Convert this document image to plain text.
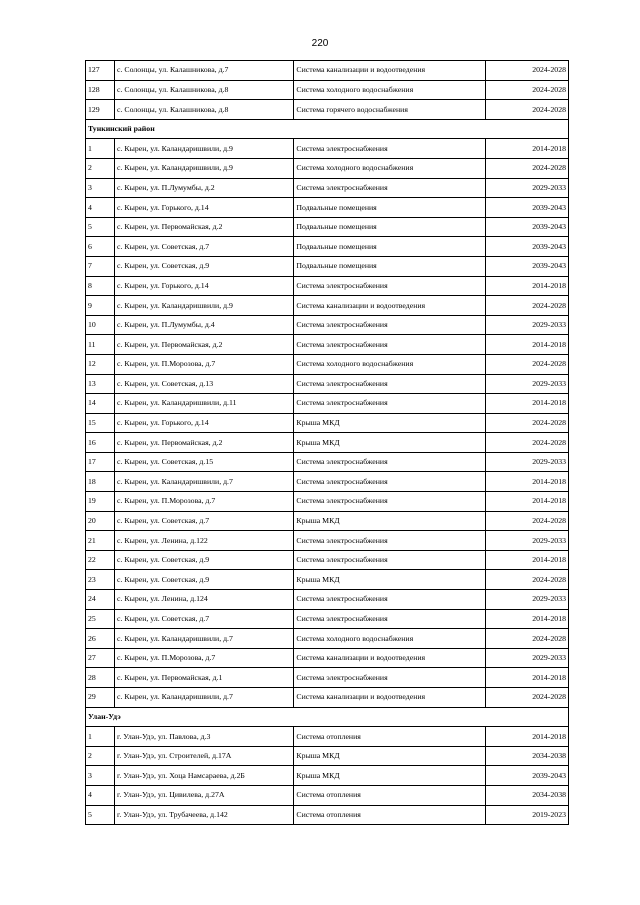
220
127	с. Солонцы, ул. Калашникова, д.7	Система канализации и водоотведения	2024-2028
128	с. Солонцы, ул. Калашникова, д.8	Система холодного водоснабжения	2024-2028
129	с. Солонцы, ул. Калашникова, д.8	Система горячего водоснабжения	2024-2028
Тункинский район			
1	с. Кырен, ул. Каландаришвили, д.9	Система электроснабжения	2014-2018
2	с. Кырен, ул. Каландаришвили, д.9	Система холодного водоснабжения	2024-2028
3	с. Кырен, ул. П.Лумумбы, д.2	Система электроснабжения	2029-2033
4	с. Кырен, ул. Горького, д.14	Подвальные помещения	2039-2043
5	с. Кырен, ул. Первомайская, д.2	Подвальные помещения	2039-2043
6	с. Кырен, ул. Советская, д.7	Подвальные помещения	2039-2043
7	с. Кырен, ул. Советская, д.9	Подвальные помещения	2039-2043
8	с. Кырен, ул. Горького, д.14	Система электроснабжения	2014-2018
9	с. Кырен, ул. Каландаришвили, д.9	Система канализации и водоотведения	2024-2028
10	с. Кырен, ул. П.Лумумбы, д.4	Система электроснабжения	2029-2033
11	с. Кырен, ул. Первомайская, д.2	Система электроснабжения	2014-2018
12	с. Кырен, ул. П.Морозова, д.7	Система холодного водоснабжения	2024-2028
13	с. Кырен, ул. Советская, д.13	Система электроснабжения	2029-2033
14	с. Кырен, ул. Каландаришвили, д.11	Система электроснабжения	2014-2018
15	с. Кырен, ул. Горького, д.14	Крыша МКД	2024-2028
16	с. Кырен, ул. Первомайская, д.2	Крыша МКД	2024-2028
17	с. Кырен, ул. Советская, д.15	Система электроснабжения	2029-2033
18	с. Кырен, ул. Каландаришвили, д.7	Система электроснабжения	2014-2018
19	с. Кырен, ул. П.Морозова, д.7	Система электроснабжения	2014-2018
20	с. Кырен, ул. Советская, д.7	Крыша МКД	2024-2028
21	с. Кырен, ул. Ленина, д.122	Система электроснабжения	2029-2033
22	с. Кырен, ул. Советская, д.9	Система электроснабжения	2014-2018
23	с. Кырен, ул. Советская, д.9	Крыша МКД	2024-2028
24	с. Кырен, ул. Ленина, д.124	Система электроснабжения	2029-2033
25	с. Кырен, ул. Советская, д.7	Система электроснабжения	2014-2018
26	с. Кырен, ул. Каландаришвили, д.7	Система холодного водоснабжения	2024-2028
27	с. Кырен, ул. П.Морозова, д.7	Система канализации и водоотведения	2029-2033
28	с. Кырен, ул. Первомайская, д.1	Система электроснабжения	2014-2018
29	с. Кырен, ул. Каландаришвили, д.7	Система канализации и водоотведения	2024-2028
Улан-Удэ			
1	г. Улан-Удэ, ул. Павлова, д.3	Система отопления	2014-2018
2	г. Улан-Удэ, ул. Строителей, д.17А	Крыша МКД	2034-2038
3	г. Улан-Удэ, ул. Хоца Намсараева, д.2Б	Крыша МКД	2039-2043
4	г. Улан-Удэ, ул. Цивилева, д.27А	Система отопления	2034-2038
5	г. Улан-Удэ, ул. Трубачеева, д.142	Система отопления	2019-2023
